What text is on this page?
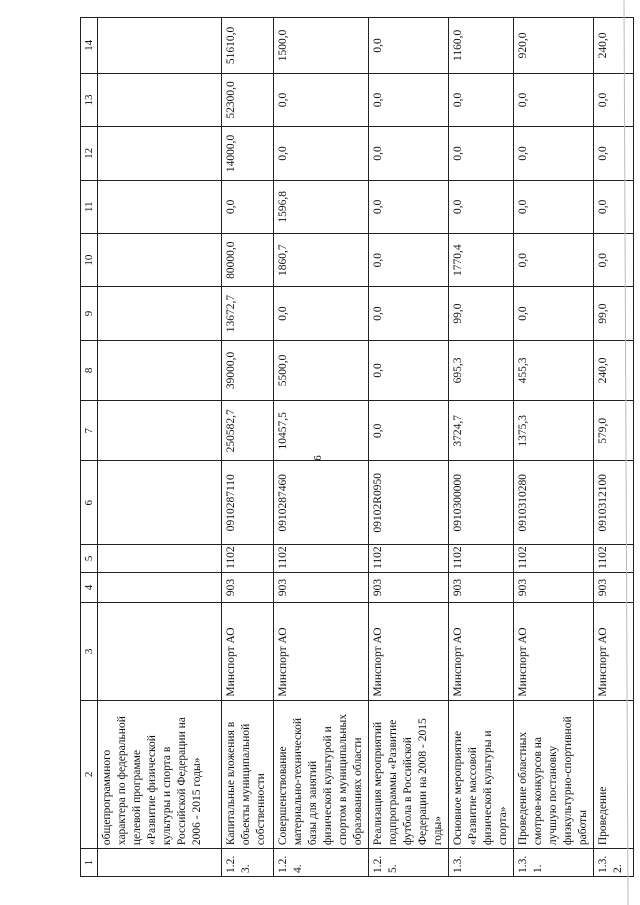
6
1	2	3	4	5	6	7	8	9	10	11	12	13	14
	общепрограммного характера по федеральной целевой программе «Развитие физической культуры и спорта в Российской Федерации на 2006 - 2015 годы»												
1.2.3.	Капитальные вложения в объекты муниципальной собственности	Минспорт АО	903	1102	0910287110	250582,7	39000,0	13672,7	80000,0	0,0	14000,0	52300,0	51610,0
1.2.4.	Совершенствование материально-технической базы для занятий физической культурой и спортом в муниципальных образованиях области	Минспорт АО	903	1102	0910287460	10457,5	5500,0	0,0	1860,7	1596,8	0,0	0,0	1500,0
1.2.5.	Реализация мероприятий подпрограммы «Развитие футбола в Российской Федерации на 2008 - 2015 годы»	Минспорт АО	903	1102	09102R0950	0,0	0,0	0,0	0,0	0,0	0,0	0,0	0,0
1.3.	Основное мероприятие «Развитие массовой физической культуры и спорта»	Минспорт АО	903	1102	0910300000	3724,7	695,3	99,0	1770,4	0,0	0,0	0,0	1160,0
1.3.1.	Проведение областных смотров-конкурсов на лучшую постановку физкультурно-спортивной работы	Минспорт АО	903	1102	0910310280	1375,3	455,3	0,0	0,0	0,0	0,0	0,0	920,0
1.3.2.	Проведение	Минспорт АО	903	1102	0910312100	579,0	240,0	99,0	0,0	0,0	0,0	0,0	240,0
